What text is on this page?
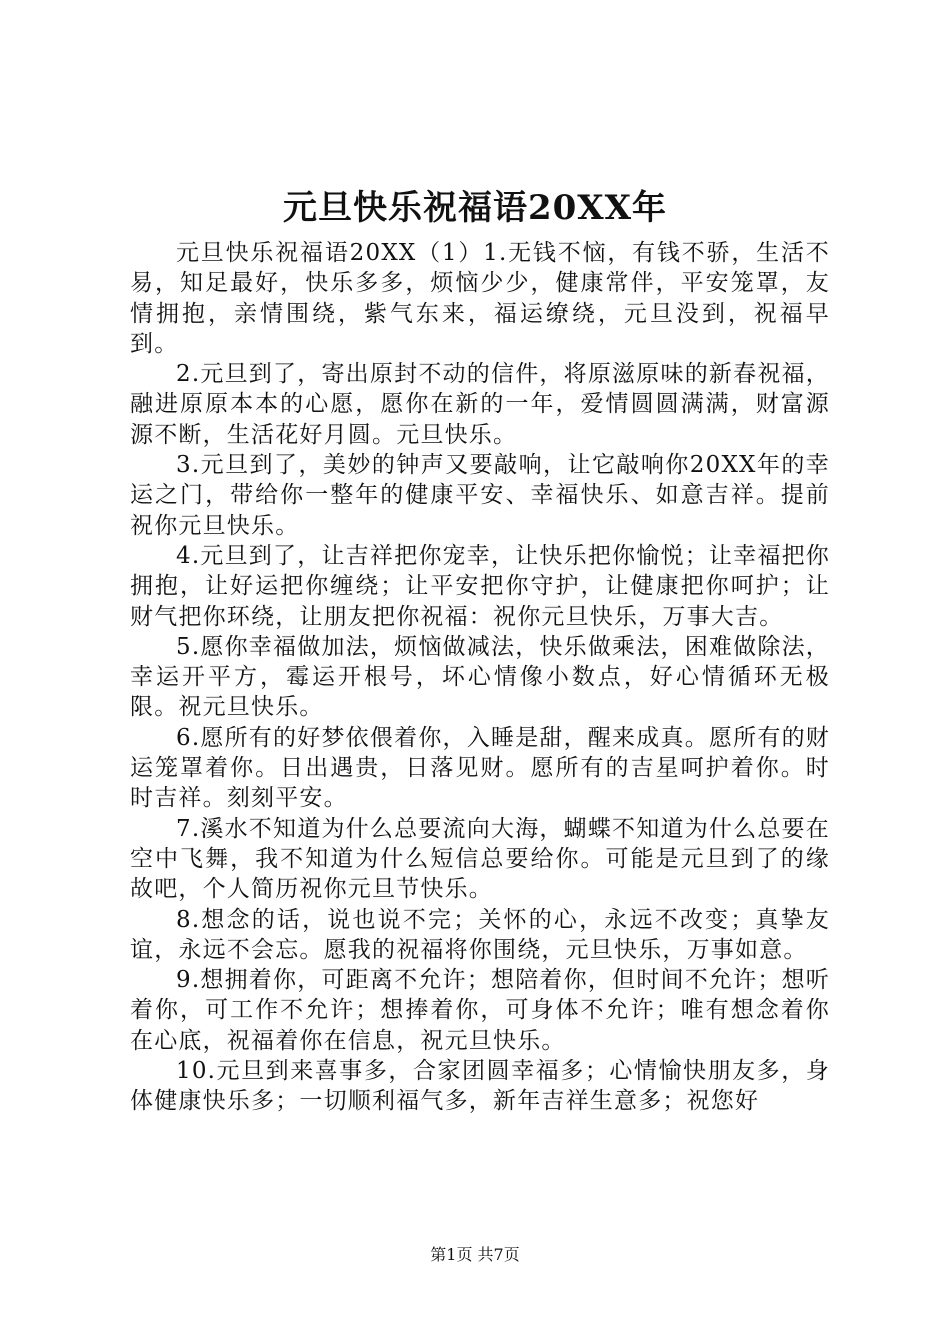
元旦快乐祝福语20XX年

元旦快乐祝福语20XX（1）1.无钱不恼，有钱不骄，生活不易，知足最好，快乐多多，烦恼少少，健康常伴，平安笼罩，友情拥抱，亲情围绕，紫气东来，福运缭绕，元旦没到，祝福早到。

2.元旦到了，寄出原封不动的信件，将原滋原味的新春祝福，融进原原本本的心愿，愿你在新的一年，爱情圆圆满满，财富源源不断，生活花好月圆。元旦快乐。

3.元旦到了，美妙的钟声又要敲响，让它敲响你20XX年的幸运之门，带给你一整年的健康平安、幸福快乐、如意吉祥。提前祝你元旦快乐。

4.元旦到了，让吉祥把你宠幸，让快乐把你愉悦；让幸福把你拥抱，让好运把你缠绕；让平安把你守护，让健康把你呵护；让财气把你环绕，让朋友把你祝福：祝你元旦快乐，万事大吉。

5.愿你幸福做加法，烦恼做减法，快乐做乘法，困难做除法，幸运开平方，霉运开根号，坏心情像小数点，好心情循环无极限。祝元旦快乐。

6.愿所有的好梦依偎着你，入睡是甜，醒来成真。愿所有的财运笼罩着你。日出遇贵，日落见财。愿所有的吉星呵护着你。时时吉祥。刻刻平安。

7.溪水不知道为什么总要流向大海，蝴蝶不知道为什么总要在空中飞舞，我不知道为什么短信总要给你。可能是元旦到了的缘故吧，个人简历祝你元旦节快乐。

8.想念的话，说也说不完；关怀的心，永远不改变；真挚友谊，永远不会忘。愿我的祝福将你围绕，元旦快乐，万事如意。

9.想拥着你，可距离不允许；想陪着你，但时间不允许；想听着你，可工作不允许；想捧着你，可身体不允许；唯有想念着你在心底，祝福着你在信息，祝元旦快乐。

10.元旦到来喜事多，合家团圆幸福多；心情愉快朋友多，身体健康快乐多；一切顺利福气多，新年吉祥生意多；祝您好

第1页 共7页
